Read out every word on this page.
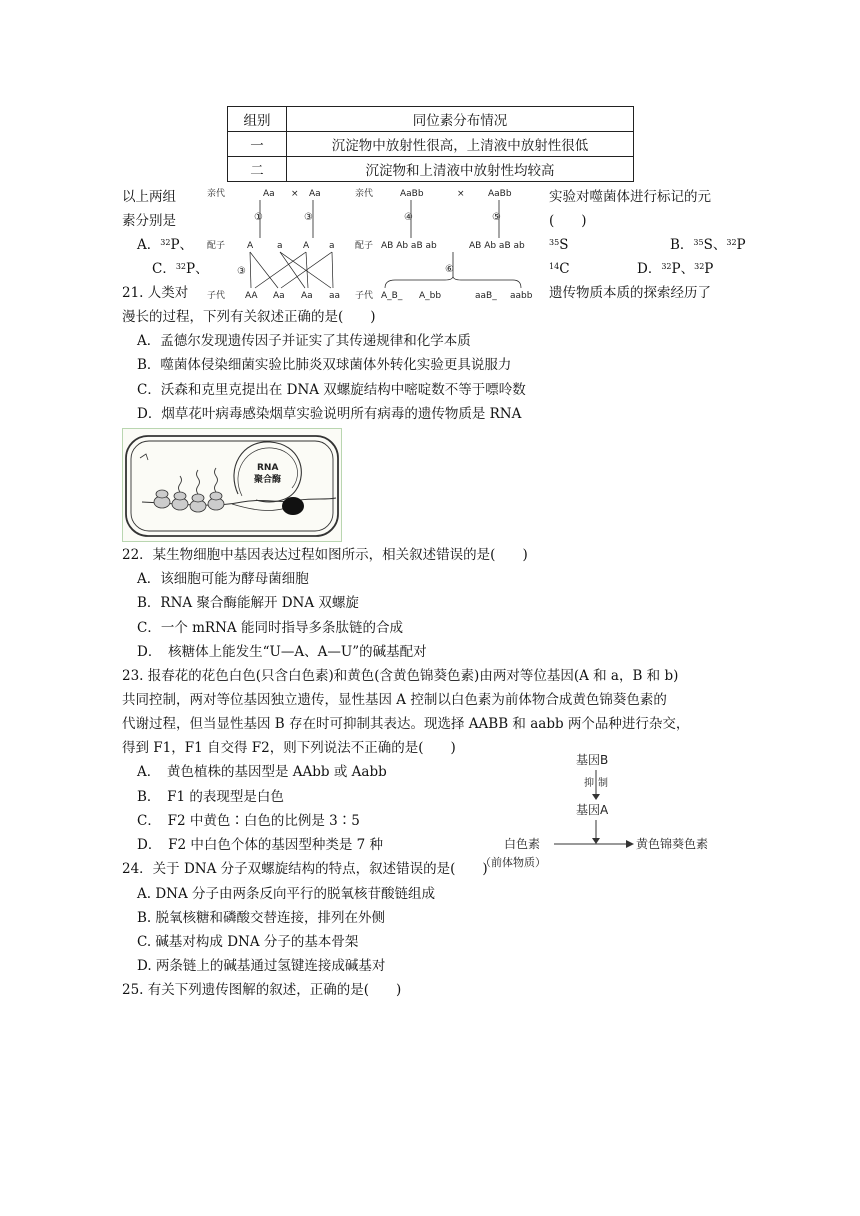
组别	同位素分布情况
一	沉淀物中放射性很高，上清液中放射性很低
二	沉淀物和上清液中放射性均较高
以上两组
素分别是
实验对噬菌体进行标记的元
(　　)
A．$^{32}$P、	$^{35}$S	B．$^{35}$S、$^{32}$P
C．$^{32}$P、	$^{14}$C	D．$^{32}$P、$^{32}$P
亲代
配子
子代
Aa × Aa
①	③
A	a A a
③
AA Aa Aa aa
亲代	AaBb	×	AaBb
④	⑤
配子 AB Ab aB ab	AB Ab aB ab
⑥
子代 A_B_ A_bb	aaB_ aabb
21. 人类对	遗传物质本质的探索经历了
漫长的过程，下列有关叙述正确的是(　　)
A．孟德尔发现遗传因子并证实了其传递规律和化学本质
B．噬菌体侵染细菌实验比肺炎双球菌体外转化实验更具说服力
C．沃森和克里克提出在 DNA 双螺旋结构中嘧啶数不等于嘌呤数
D．烟草花叶病毒感染烟草实验说明所有病毒的遗传物质是 RNA
RNA
聚合酶
22．某生物细胞中基因表达过程如图所示，相关叙述错误的是(　　)
A．该细胞可能为酵母菌细胞
B．RNA 聚合酶能解开 DNA 双螺旋
C．一个 mRNA 能同时指导多条肽链的合成
D．　核糖体上能发生“U—A、A—U”的碱基配对
23. 报春花的花色白色(只含白色素)和黄色(含黄色锦葵色素)由两对等位基因(A 和 a，B 和 b)
共同控制，两对等位基因独立遗传，显性基因 A 控制以白色素为前体物合成黄色锦葵色素的
代谢过程，但当显性基因 B 存在时可抑制其表达。现选择 AABB 和 aabb 两个品种进行杂交，
得到 F1，F1 自交得 F2，则下列说法不正确的是(　　)
A．　黄色植株的基因型是 AAbb 或 Aabb
B．　F1 的表现型是白色
C．　F2 中黄色∶白色的比例是 3∶5
D．　F2 中白色个体的基因型种类是 7 种
基因B
抑 制
基因A
白色素
（前体物质）
黄色锦葵色素
24．关于 DNA 分子双螺旋结构的特点，叙述错误的是(　　)
A. DNA 分子由两条反向平行的脱氧核苷酸链组成
B. 脱氧核糖和磷酸交替连接，排列在外侧
C. 碱基对构成 DNA 分子的基本骨架
D. 两条链上的碱基通过氢键连接成碱基对
25. 有关下列遗传图解的叙述，正确的是(　　)
